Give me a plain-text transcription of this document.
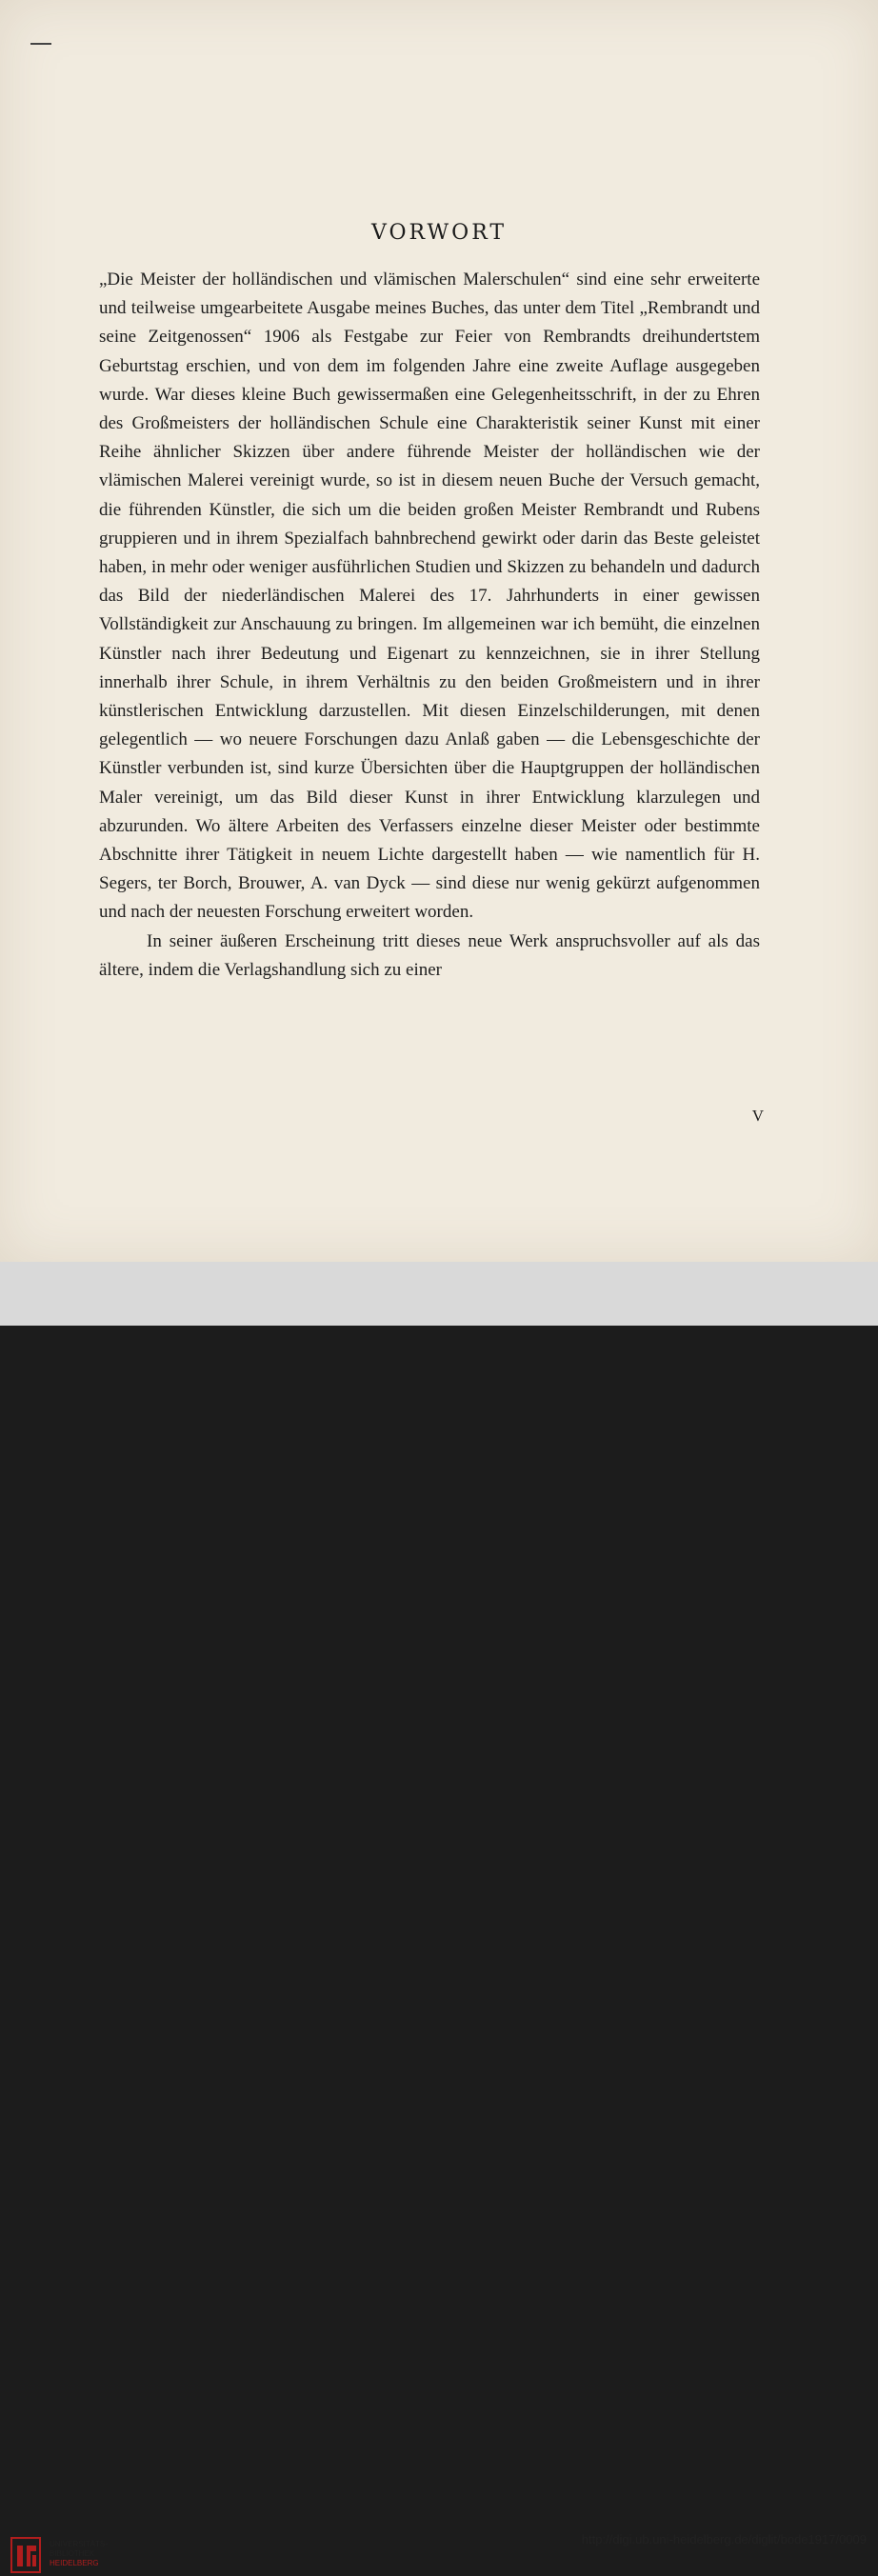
VORWORT

„Die Meister der holländischen und vlämischen Malerschulen“ sind eine sehr erweiterte und teilweise umgearbeitete Ausgabe meines Buches, das unter dem Titel „Rembrandt und seine Zeitgenossen“ 1906 als Festgabe zur Feier von Rembrandts dreihundertstem Geburtstag erschien, und von dem im folgenden Jahre eine zweite Auflage ausgegeben wurde. War dieses kleine Buch gewissermaßen eine Gelegenheitsschrift, in der zu Ehren des Großmeisters der holländischen Schule eine Charakteristik seiner Kunst mit einer Reihe ähnlicher Skizzen über andere führende Meister der holländischen wie der vlämischen Malerei vereinigt wurde, so ist in diesem neuen Buche der Versuch gemacht, die führenden Künstler, die sich um die beiden großen Meister Rembrandt und Rubens gruppieren und in ihrem Spezialfach bahnbrechend gewirkt oder darin das Beste geleistet haben, in mehr oder weniger ausführlichen Studien und Skizzen zu behandeln und dadurch das Bild der niederländischen Malerei des 17. Jahrhunderts in einer gewissen Vollständigkeit zur Anschauung zu bringen. Im allgemeinen war ich bemüht, die einzelnen Künstler nach ihrer Bedeutung und Eigenart zu kennzeichnen, sie in ihrer Stellung innerhalb ihrer Schule, in ihrem Verhältnis zu den beiden Großmeistern und in ihrer künstlerischen Entwicklung darzustellen. Mit diesen Einzelschilderungen, mit denen gelegentlich — wo neuere Forschungen dazu Anlaß gaben — die Lebensgeschichte der Künstler verbunden ist, sind kurze Übersichten über die Hauptgruppen der holländischen Maler vereinigt, um das Bild dieser Kunst in ihrer Entwicklung klarzulegen und abzurunden. Wo ältere Arbeiten des Verfassers einzelne dieser Meister oder bestimmte Abschnitte ihrer Tätigkeit in neuem Lichte dargestellt haben — wie namentlich für H. Segers, ter Borch, Brouwer, A. van Dyck — sind diese nur wenig gekürzt aufgenommen und nach der neuesten Forschung erweitert worden.

In seiner äußeren Erscheinung tritt dieses neue Werk anspruchsvoller auf als das ältere, indem die Verlagshandlung sich zu einer

V
UNIVERSITÄTS-
BIBLIOTHEK
HEIDELBERG
http://digi.ub.uni-heidelberg.de/diglit/bode1917/0009
